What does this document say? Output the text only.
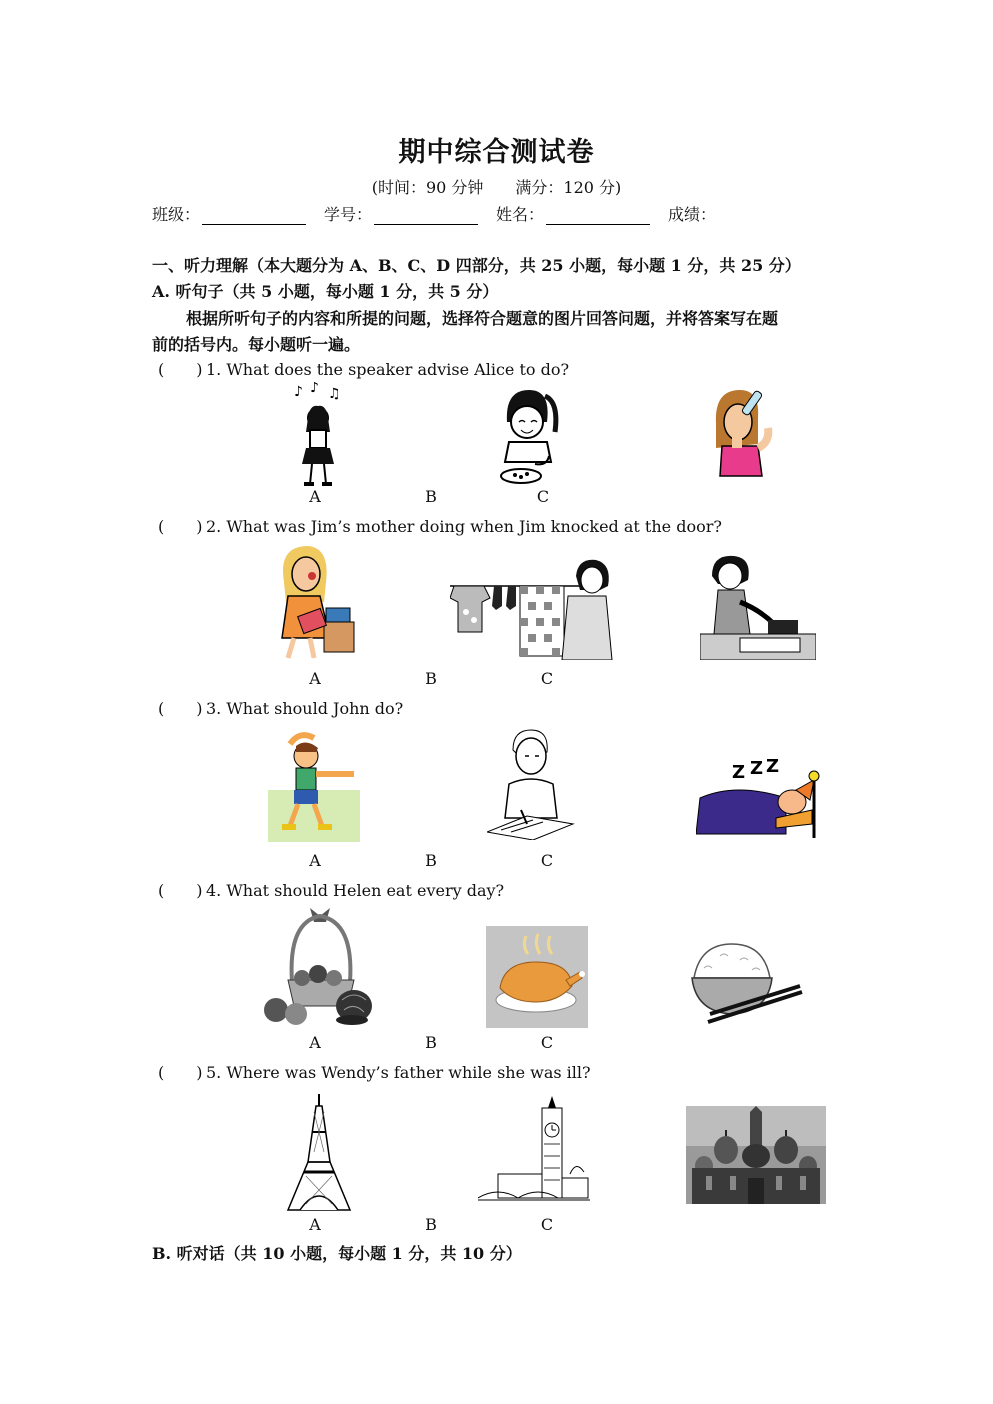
期中综合测试卷
(时间：90 分钟　　满分：120 分)
班级：	学号：	姓名：	成绩：
一、听力理解（本大题分为 A、B、C、D 四部分，共 25 小题，每小题 1 分，共 25 分）
A. 听句子（共 5 小题，每小题 1 分，共 5 分）
根据所听句子的内容和所提的问题，选择符合题意的图片回答问题，并将答案写在题
前的括号内。每小题听一遍。
(　　) 1. What does the speaker advise Alice to do?
♪ ♪ ♫
A	B	C
(　　) 2. What was Jim’s mother doing when Jim knocked at the door?
A	B	C
(　　) 3. What should John do?
Z Z Z
A	B	C
(　　) 4. What should Helen eat every day?
A	B	C
(　　) 5. Where was Wendy’s father while she was ill?
A	B	C
B. 听对话（共 10 小题，每小题 1 分，共 10 分）
